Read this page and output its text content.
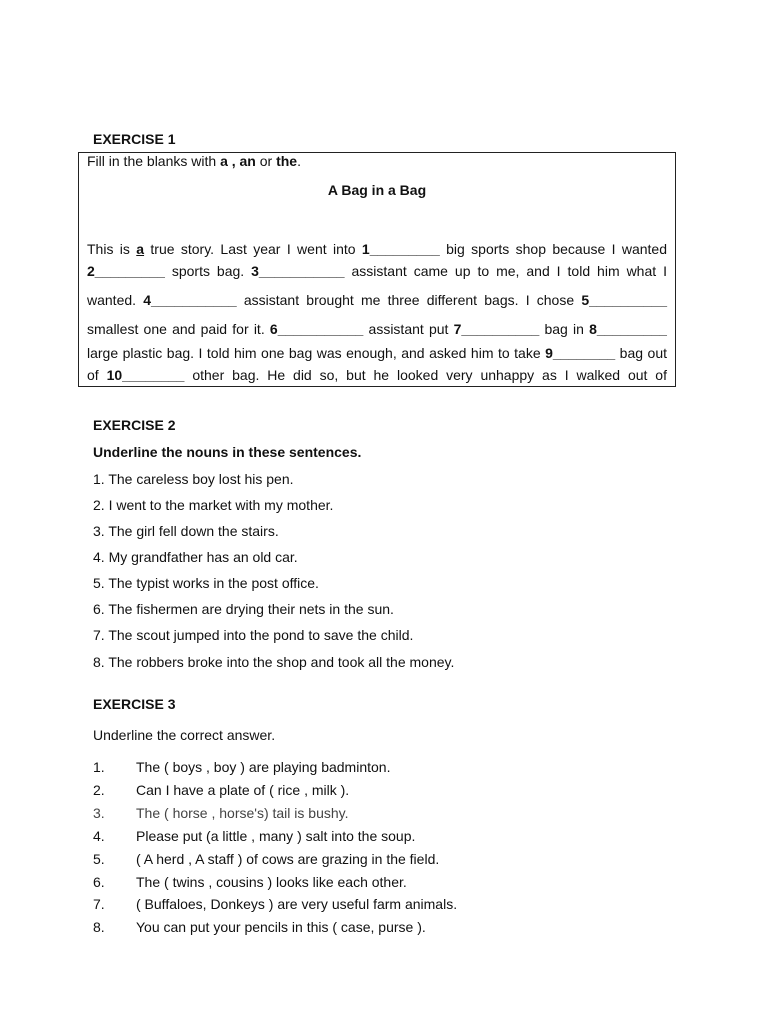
EXERCISE 1
Fill in the blanks with a , an or the.
A Bag in a Bag
This is a true story. Last year I went into 1_________ big sports shop because I wanted
2_________ sports bag. 3___________ assistant came up to me, and I told him what I
wanted. 4___________ assistant brought me three different bags. I chose 5__________
smallest one and paid for it. 6___________ assistant put 7__________ bag in 8_________
large plastic bag. I told him one bag was enough, and asked him to take 9________ bag out
of 10________ other bag. He did so, but he looked very unhappy as I walked out of
EXERCISE 2
Underline the nouns in these sentences.
1. The careless boy lost his pen.
2. I went to the market with my mother.
3. The girl fell down the stairs.
4. My grandfather has an old car.
5. The typist works in the post office.
6. The fishermen are drying their nets in the sun.
7. The scout jumped into the pond to save the child.
8. The robbers broke into the shop and took all the money.
EXERCISE 3
Underline the correct answer.
1. The ( boys , boy ) are playing badminton.
2. Can I have a plate of ( rice , milk ).
3. The ( horse , horse's) tail is bushy.
4. Please put (a little , many ) salt into the soup.
5. ( A herd , A staff ) of cows are grazing in the field.
6. The ( twins , cousins ) looks like each other.
7. ( Buffaloes, Donkeys ) are very useful farm animals.
8. You can put your pencils in this ( case, purse ).
